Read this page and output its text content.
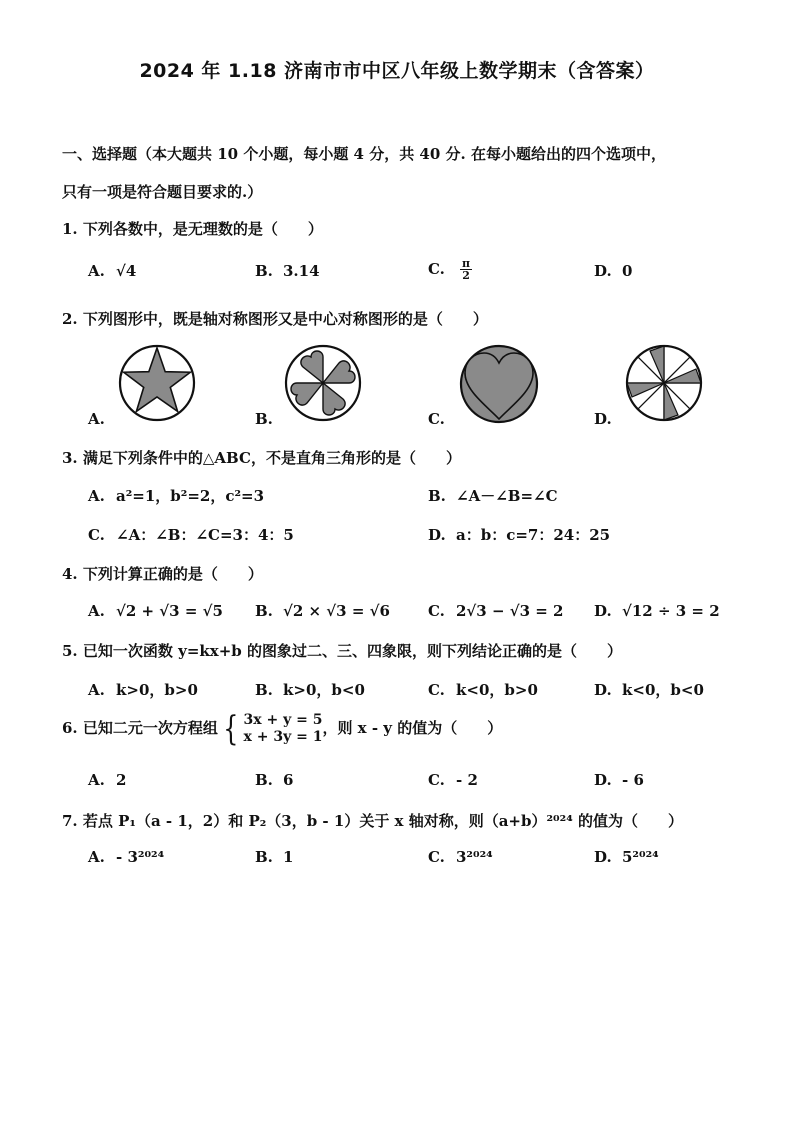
2024 年 1.18 济南市市中区八年级上数学期末（含答案）
一、选择题（本大题共 10 个小题，每小题 4 分，共 40 分. 在每小题给出的四个选项中，
只有一项是符合题目要求的.）
1. 下列各数中，是无理数的是（　　）
A. √4	B. 3.14	C. $\frac{\pi}{2}$	D. 0
2. 下列图形中，既是轴对称图形又是中心对称图形的是（　　）
A.	B.	C.	D.
3. 满足下列条件中的△ABC，不是直角三角形的是（　　）
A. a²=1，b²=2，c²=3	B. ∠A－∠B=∠C
C. ∠A：∠B：∠C=3：4：5	D. a：b：c=7：24：25
4. 下列计算正确的是（　　）
A. √2 + √3 = √5 B. √2 × √3 = √6	C. 2√3 − √3 = 2 D. √12 ÷ 3 = 2
5. 已知一次函数 y=kx+b 的图象过二、三、四象限，则下列结论正确的是（　　）
A. k>0，b>0	B. k>0，b<0	C. k<0，b>0	D. k<0，b<0
6. 已知二元一次方程组 { 3x + y = 5
x + 3y = 1 ，则 x - y 的值为（　　）
A. 2	B. 6	C. - 2	D. - 6
7. 若点 P₁（a - 1，2）和 P₂（3，b - 1）关于 x 轴对称，则（a+b）²⁰²⁴ 的值为（　　）
A. - 3²⁰²⁴	B. 1	C. 3²⁰²⁴	D. 5²⁰²⁴
